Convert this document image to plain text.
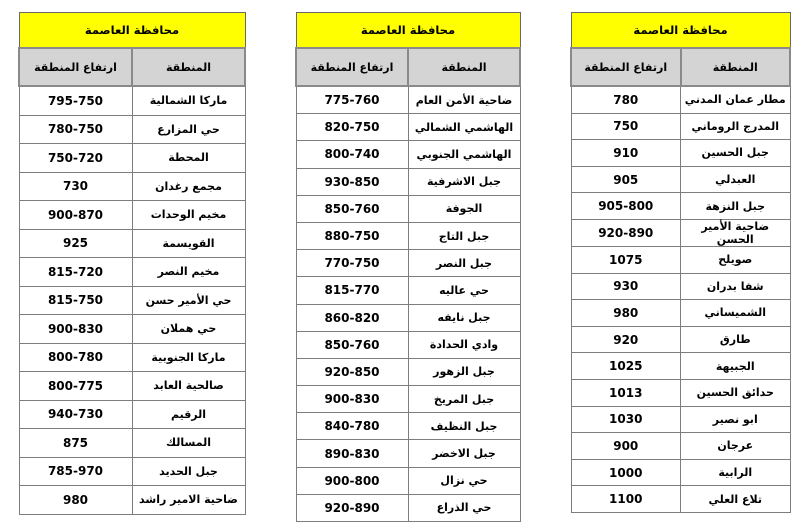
محافظة العاصمة	
المنطقة	ارتفاع المنطقة
ماركا الشمالية	795-750
حي المزارع	780-750
المحطة	750-720
مجمع رغدان	730
مخيم الوحدات	900-870
القويسمة	925
مخيم النصر	815-720
حي الأمير حسن	815-750
حي هملان	900-830
ماركا الجنوبية	800-780
صالحية العابد	800-775
الرقيم	940-730
المسالك	875
جبل الحديد	785-970
ضاحية الامير راشد	980
محافظة العاصمة	
المنطقة	ارتفاع المنطقة
ضاحية الأمن العام	775-760
الهاشمي الشمالي	820-750
الهاشمي الجنوبي	800-740
جبل الاشرفية	930-850
الجوفة	850-760
جبل التاج	880-750
جبل النصر	770-750
حي عاليه	815-770
جبل نايفه	860-820
وادي الحدادة	850-760
جبل الزهور	920-850
جبل المريخ	900-830
جبل النظيف	840-780
جبل الاخضر	890-830
حي نزال	900-800
حي الذراع	920-890
محافظة العاصمة	
المنطقة	ارتفاع المنطقة
مطار عمان المدني	780
المدرج الروماني	750
جبل الحسين	910
العبدلي	905
جبل النزهة	905-800
ضاحية الأمير الحسن	920-890
صويلح	1075
شفا بدران	930
الشميساني	980
طارق	920
الجبيهة	1025
حدائق الحسين	1013
ابو نصير	1030
عرجان	900
الرابية	1000
تلاع العلي	1100
